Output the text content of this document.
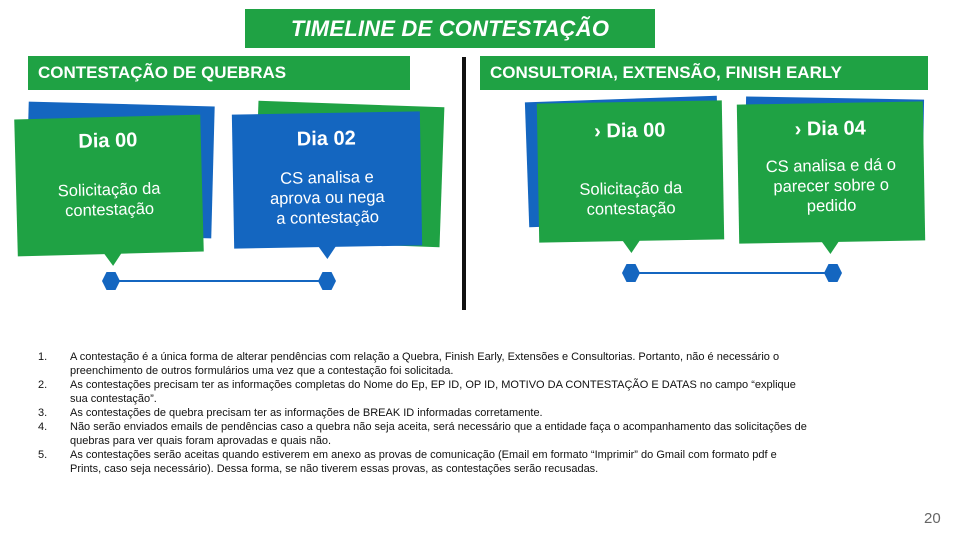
TIMELINE DE CONTESTAÇÃO
CONTESTAÇÃO DE QUEBRAS	CONSULTORIA, EXTENSÃO, FINISH EARLY
Dia 00
Solicitação da
contestação
Dia 02
CS analisa e
aprova ou nega
a contestação
› Dia 00
Solicitação da
contestação
› Dia 04
CS analisa e dá o
parecer sobre o
pedido
1. A contestação é a única forma de alterar pendências com relação a Quebra, Finish Early, Extensões e Consultorias. Portanto, não é necessário o
preenchimento de outros formulários uma vez que a contestação foi solicitada.
2. As contestações precisam ter as informações completas do Nome do Ep, EP ID, OP ID, MOTIVO DA CONTESTAÇÃO E DATAS no campo “explique
sua contestação”.
3. As contestações de quebra precisam ter as informações de BREAK ID informadas corretamente.
4. Não serão enviados emails de pendências caso a quebra não seja aceita, será necessário que a entidade faça o acompanhamento das solicitações de
quebras para ver quais foram aprovadas e quais não.
5. As contestações serão aceitas quando estiverem em anexo as provas de comunicação (Email em formato “Imprimir” do Gmail com formato pdf e
Prints, caso seja necessário). Dessa forma, se não tiverem essas provas, as contestações serão recusadas.
20
